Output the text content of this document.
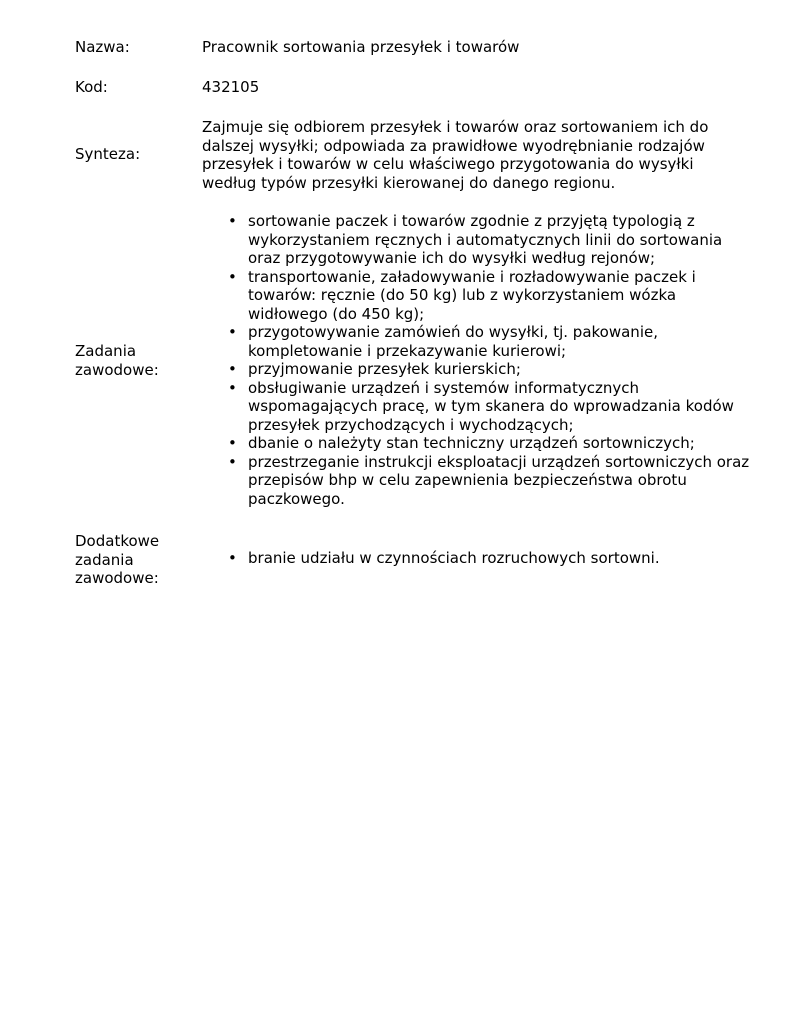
Nazwa:	Pracownik sortowania przesyłek i towarów
Kod:	432105
Synteza:
Zajmuje się odbiorem przesyłek i towarów oraz sortowaniem ich do dalszej wysyłki; odpowiada za prawidłowe wyodrębnianie rodzajów przesyłek i towarów w celu właściwego przygotowania do wysyłki według typów przesyłki kierowanej do danego regionu.
Zadania
zawodowe:
• sortowanie paczek i towarów zgodnie z przyjętą typologią z wykorzystaniem ręcznych i automatycznych linii do sortowania oraz przygotowywanie ich do wysyłki według rejonów;
• transportowanie, załadowywanie i rozładowywanie paczek i towarów: ręcznie (do 50 kg) lub z wykorzystaniem wózka widłowego (do 450 kg);
• przygotowywanie zamówień do wysyłki, tj. pakowanie, kompletowanie i przekazywanie kurierowi;
• przyjmowanie przesyłek kurierskich;
• obsługiwanie urządzeń i systemów informatycznych wspomagających pracę, w tym skanera do wprowadzania kodów przesyłek przychodzących i wychodzących;
• dbanie o należyty stan techniczny urządzeń sortowniczych;
• przestrzeganie instrukcji eksploatacji urządzeń sortowniczych oraz przepisów bhp w celu zapewnienia bezpieczeństwa obrotu paczkowego.
Dodatkowe
zadania
zawodowe:
• branie udziału w czynnościach rozruchowych sortowni.
